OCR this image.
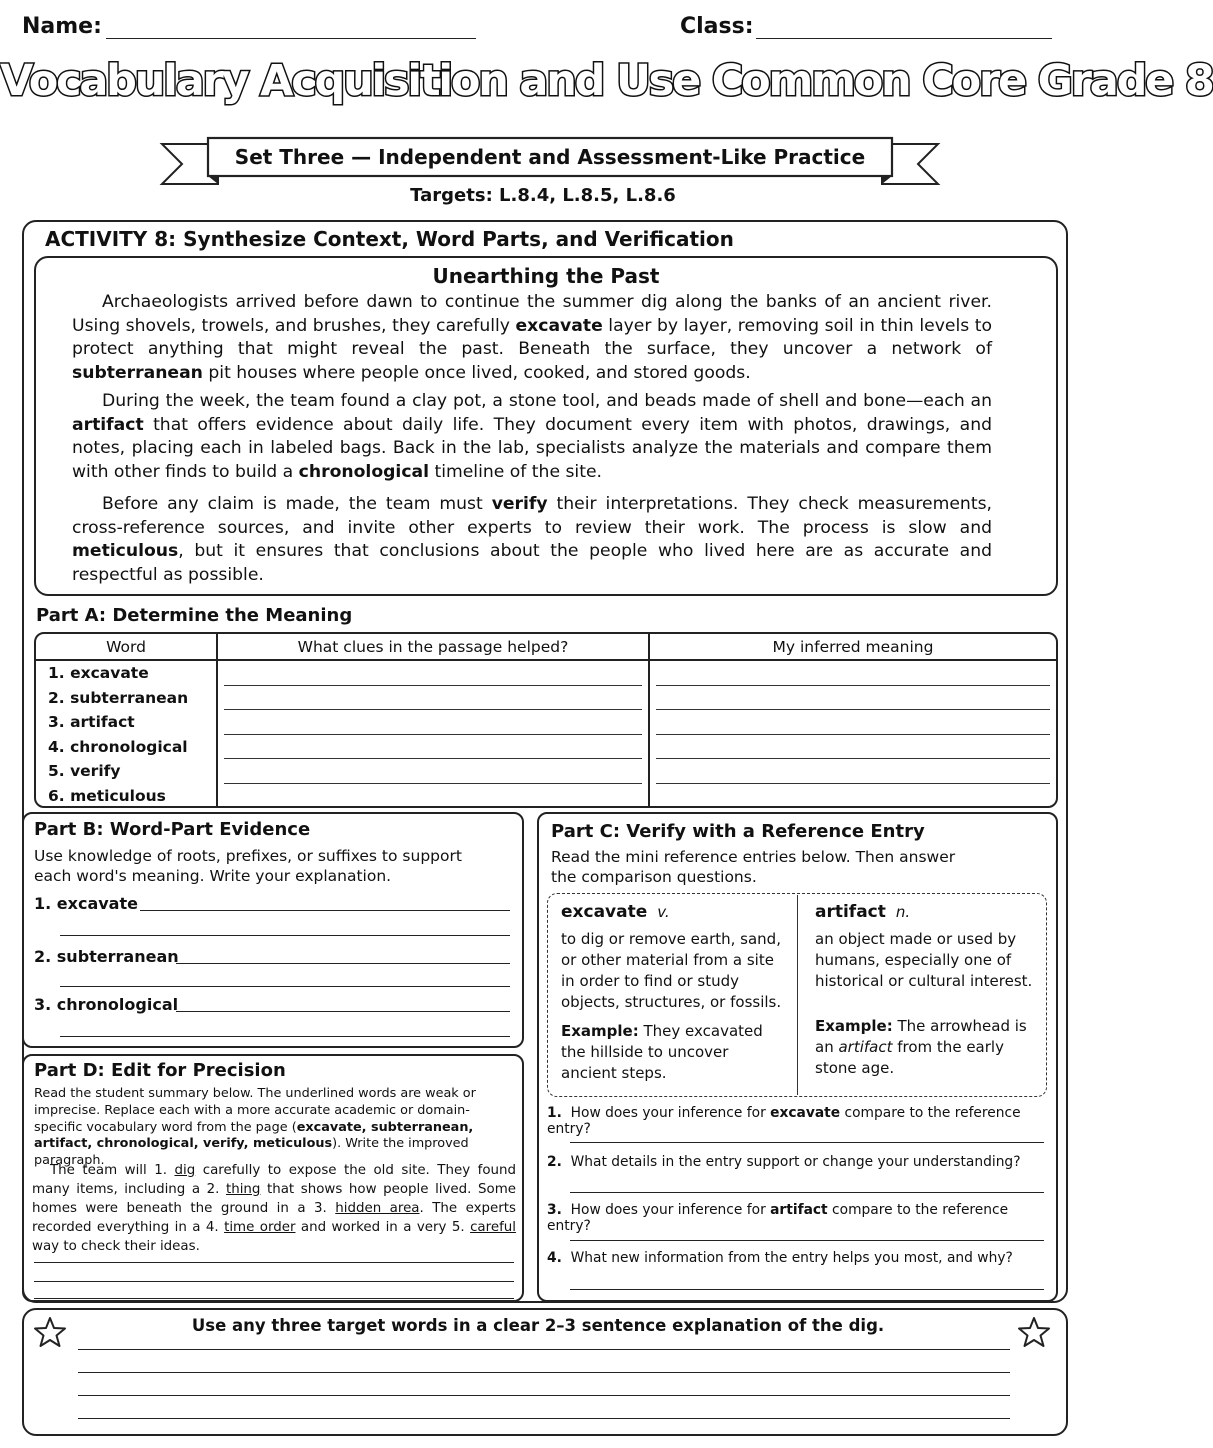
Name:	Class:
Vocabulary Acquisition and Use Common Core Grade 8
Set Three — Independent and Assessment-Like Practice
Targets: L.8.4, L.8.5, L.8.6
ACTIVITY 8: Synthesize Context, Word Parts, and Verification
Unearthing the Past

Archaeologists arrived before dawn to continue the summer dig along the banks of an ancient river. Using shovels, trowels, and brushes, they carefully excavate layer by layer, removing soil in thin levels to protect anything that might reveal the past. Beneath the surface, they uncover a network of subterranean pit houses where people once lived, cooked, and stored goods.

During the week, the team found a clay pot, a stone tool, and beads made of shell and bone—each an artifact that offers evidence about daily life. They document every item with photos, drawings, and notes, placing each in labeled bags. Back in the lab, specialists analyze the materials and compare them with other finds to build a chronological timeline of the site.

Before any claim is made, the team must verify their interpretations. They check measurements, cross-reference sources, and invite other experts to review their work. The process is slow and meticulous, but it ensures that conclusions about the people who lived here are as accurate and respectful as possible.

Part A: Determine the Meaning
Word	What clues in the passage helped?	My inferred meaning
1. excavate	

2. subterranean	

3. artifact	

4. chronological	

5. verify	

6. meticulous	

Part B: Word-Part Evidence
Use knowledge of roots, prefixes, or suffixes to support each word's meaning. Write your explanation.
1. excavate
2. subterranean
3. chronological
Part D: Edit for Precision
Read the student summary below. The underlined words are weak or imprecise. Replace each with a more accurate academic or domain-specific vocabulary word from the page (excavate, subterranean, artifact, chronological, verify, meticulous). Write the improved paragraph.
The team will 1. dig carefully to expose the old site. They found many items, including a 2. thing that shows how people lived. Some homes were beneath the ground in a 3. hidden area. The experts recorded everything in a 4. time order and worked in a very 5. careful way to check their ideas.
Part C: Verify with a Reference Entry
Read the mini reference entries below. Then answer the comparison questions.
excavate v.
to dig or remove earth, sand, or other material from a site in order to find or study objects, structures, or fossils.
Example: They excavated the hillside to uncover ancient steps.
artifact n.
an object made or used by humans, especially one of historical or cultural interest.
Example: The arrowhead is an artifact from the early stone age.
1. How does your inference for excavate compare to the reference entry?
2. What details in the entry support or change your understanding?
3. How does your inference for artifact compare to the reference entry?
4. What new information from the entry helps you most, and why?
Use any three target words in a clear 2–3 sentence explanation of the dig.
